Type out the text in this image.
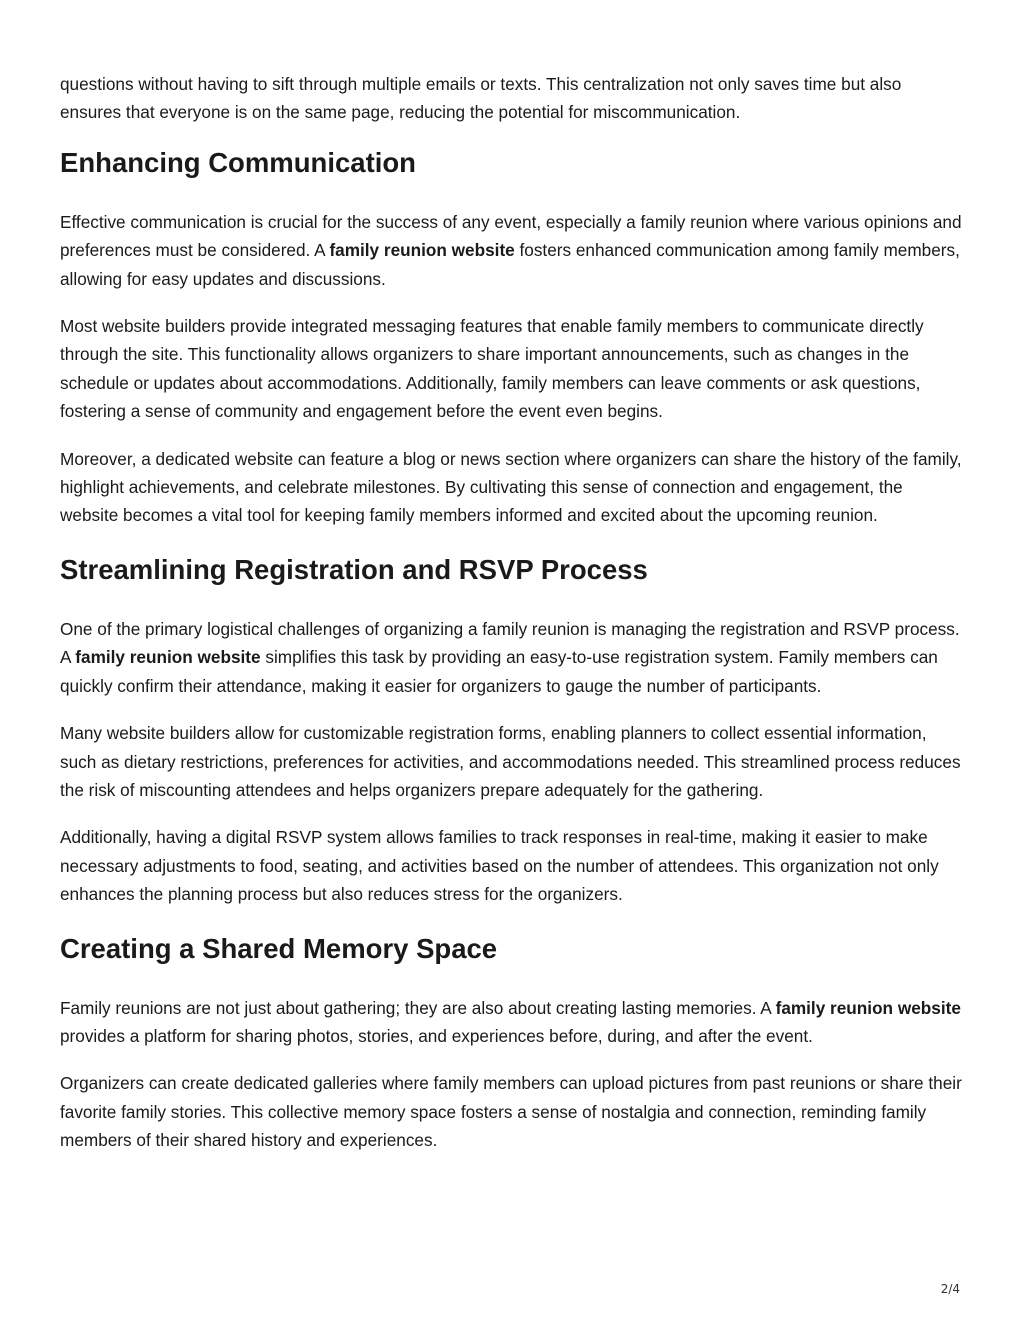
questions without having to sift through multiple emails or texts. This centralization not only saves time but also ensures that everyone is on the same page, reducing the potential for miscommunication.

Enhancing Communication

Effective communication is crucial for the success of any event, especially a family reunion where various opinions and preferences must be considered. A family reunion website fosters enhanced communication among family members, allowing for easy updates and discussions.

Most website builders provide integrated messaging features that enable family members to communicate directly through the site. This functionality allows organizers to share important announcements, such as changes in the schedule or updates about accommodations. Additionally, family members can leave comments or ask questions, fostering a sense of community and engagement before the event even begins.

Moreover, a dedicated website can feature a blog or news section where organizers can share the history of the family, highlight achievements, and celebrate milestones. By cultivating this sense of connection and engagement, the website becomes a vital tool for keeping family members informed and excited about the upcoming reunion.

Streamlining Registration and RSVP Process

One of the primary logistical challenges of organizing a family reunion is managing the registration and RSVP process. A family reunion website simplifies this task by providing an easy-to-use registration system. Family members can quickly confirm their attendance, making it easier for organizers to gauge the number of participants.

Many website builders allow for customizable registration forms, enabling planners to collect essential information, such as dietary restrictions, preferences for activities, and accommodations needed. This streamlined process reduces the risk of miscounting attendees and helps organizers prepare adequately for the gathering.

Additionally, having a digital RSVP system allows families to track responses in real-time, making it easier to make necessary adjustments to food, seating, and activities based on the number of attendees. This organization not only enhances the planning process but also reduces stress for the organizers.

Creating a Shared Memory Space

Family reunions are not just about gathering; they are also about creating lasting memories. A family reunion website provides a platform for sharing photos, stories, and experiences before, during, and after the event.

Organizers can create dedicated galleries where family members can upload pictures from past reunions or share their favorite family stories. This collective memory space fosters a sense of nostalgia and connection, reminding family members of their shared history and experiences.

2/4
